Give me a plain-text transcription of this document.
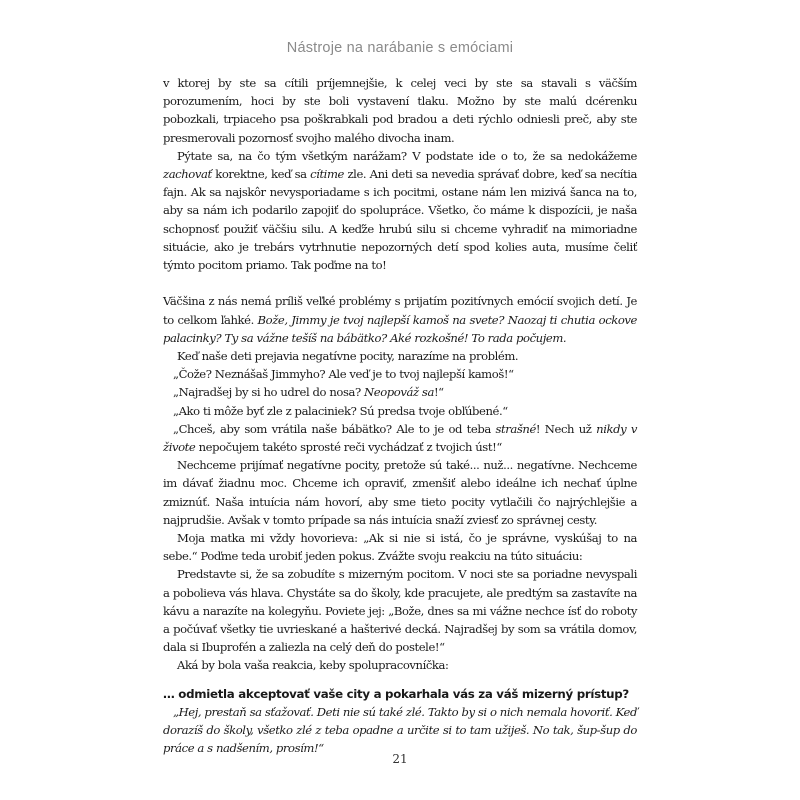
Nástroje na narábanie s emóciami

v ktorej by ste sa cítili príjemnejšie, k celej veci by ste sa stavali s väčším porozumením, hoci by ste boli vystavení tlaku. Možno by ste malú dcérenku pobozkali, trpiaceho psa poškrabkali pod bradou a deti rýchlo odniesli preč, aby ste presmerovali pozornosť svojho malého divocha inam.

Pýtate sa, na čo tým všetkým narážam? V podstate ide o to, že sa nedokážeme zachovať korektne, keď sa cítime zle. Ani deti sa nevedia správať dobre, keď sa necítia fajn. Ak sa najskôr nevysporiadame s ich pocitmi, ostane nám len mizivá šanca na to, aby sa nám ich podarilo zapojiť do spolupráce. Všetko, čo máme k dispozícii, je naša schopnosť použiť väčšiu silu. A keďže hrubú silu si chceme vyhradiť na mimoriadne situácie, ako je trebárs vytrhnutie nepozorných detí spod kolies auta, musíme čeliť týmto pocitom priamo. Tak poďme na to!

Väčšina z nás nemá príliš veľké problémy s prijatím pozitívnych emócií svojich detí. Je to celkom ľahké. Bože, Jimmy je tvoj najlepší kamoš na svete? Naozaj ti chutia ockove palacinky? Ty sa vážne tešíš na bábätko? Aké rozkošné! To rada počujem.

Keď naše deti prejavia negatívne pocity, narazíme na problém.

„Čože? Neznášaš Jimmyho? Ale veď je to tvoj najlepší kamoš!“

„Najradšej by si ho udrel do nosa? Neopováž sa!“

„Ako ti môže byť zle z palaciniek? Sú predsa tvoje obľúbené.“

„Chceš, aby som vrátila naše bábätko? Ale to je od teba strašné! Nech už nikdy v živote nepočujem takéto sprosté reči vychádzať z tvojich úst!“

Nechceme prijímať negatívne pocity, pretože sú také... nuž... negatívne. Nechceme im dávať žiadnu moc. Chceme ich opraviť, zmenšiť alebo ideálne ich nechať úplne zmiznúť. Naša intuícia nám hovorí, aby sme tieto pocity vytlačili čo najrýchlejšie a najprudšie. Avšak v tomto prípade sa nás intuícia snaží zviesť zo správnej cesty.

Moja matka mi vždy hovorieva: „Ak si nie si istá, čo je správne, vyskúšaj to na sebe.“ Poďme teda urobiť jeden pokus. Zvážte svoju reakciu na túto situáciu:

Predstavte si, že sa zobudíte s mizerným pocitom. V noci ste sa poriadne nevyspali a pobolieva vás hlava. Chystáte sa do školy, kde pracujete, ale predtým sa zastavíte na kávu a narazíte na kolegyňu. Poviete jej: „Bože, dnes sa mi vážne nechce ísť do roboty a počúvať všetky tie uvrieskané a hašterivé decká. Najradšej by som sa vrátila domov, dala si Ibuprofén a zaliezla na celý deň do postele!“

Aká by bola vaša reakcia, keby spolupracovníčka:

… odmietla akceptovať vaše city a pokarhala vás za váš mizerný prístup?

„Hej, prestaň sa sťažovať. Deti nie sú také zlé. Takto by si o nich nemala hovoriť. Keď dorazíš do školy, všetko zlé z teba opadne a určite si to tam užiješ. No tak, šup-šup do práce a s nadšením, prosím!“

21
